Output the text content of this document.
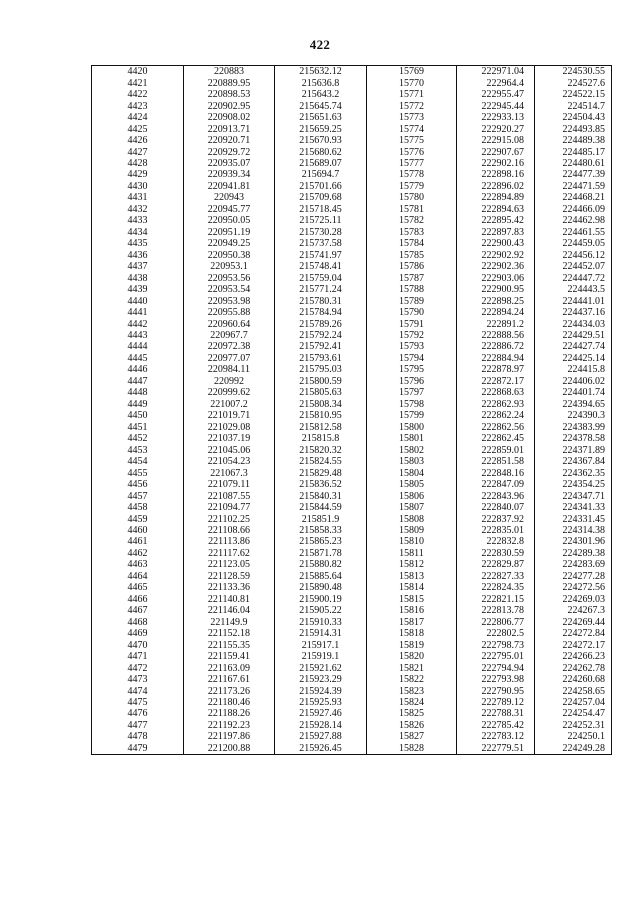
422
4420	220883	215632.12	15769	222971.04	224530.55
4421	220889.95	215636.8	15770	222964.4	224527.6
4422	220898.53	215643.2	15771	222955.47	224522.15
4423	220902.95	215645.74	15772	222945.44	224514.7
4424	220908.02	215651.63	15773	222933.13	224504.43
4425	220913.71	215659.25	15774	222920.27	224493.85
4426	220920.71	215670.93	15775	222915.08	224489.38
4427	220929.72	215680.62	15776	222907.67	224485.17
4428	220935.07	215689.07	15777	222902.16	224480.61
4429	220939.34	215694.7	15778	222898.16	224477.39
4430	220941.81	215701.66	15779	222896.02	224471.59
4431	220943	215709.68	15780	222894.89	224468.21
4432	220945.77	215718.45	15781	222894.63	224466.09
4433	220950.05	215725.11	15782	222895.42	224462.98
4434	220951.19	215730.28	15783	222897.83	224461.55
4435	220949.25	215737.58	15784	222900.43	224459.05
4436	220950.38	215741.97	15785	222902.92	224456.12
4437	220953.1	215748.41	15786	222902.36	224452.07
4438	220953.56	215759.04	15787	222903.06	224447.72
4439	220953.54	215771.24	15788	222900.95	224443.5
4440	220953.98	215780.31	15789	222898.25	224441.01
4441	220955.88	215784.94	15790	222894.24	224437.16
4442	220960.64	215789.26	15791	222891.2	224434.03
4443	220967.7	215792.24	15792	222888.56	224429.51
4444	220972.38	215792.41	15793	222886.72	224427.74
4445	220977.07	215793.61	15794	222884.94	224425.14
4446	220984.11	215795.03	15795	222878.97	224415.8
4447	220992	215800.59	15796	222872.17	224406.02
4448	220999.62	215805.63	15797	222868.63	224401.74
4449	221007.2	215808.34	15798	222862.93	224394.65
4450	221019.71	215810.95	15799	222862.24	224390.3
4451	221029.08	215812.58	15800	222862.56	224383.99
4452	221037.19	215815.8	15801	222862.45	224378.58
4453	221045.06	215820.32	15802	222859.01	224371.89
4454	221054.23	215824.55	15803	222851.58	224367.84
4455	221067.3	215829.48	15804	222848.16	224362.35
4456	221079.11	215836.52	15805	222847.09	224354.25
4457	221087.55	215840.31	15806	222843.96	224347.71
4458	221094.77	215844.59	15807	222840.07	224341.33
4459	221102.25	215851.9	15808	222837.92	224331.45
4460	221108.66	215858.33	15809	222835.01	224314.38
4461	221113.86	215865.23	15810	222832.8	224301.96
4462	221117.62	215871.78	15811	222830.59	224289.38
4463	221123.05	215880.82	15812	222829.87	224283.69
4464	221128.59	215885.64	15813	222827.33	224277.28
4465	221133.36	215890.48	15814	222824.35	224272.56
4466	221140.81	215900.19	15815	222821.15	224269.03
4467	221146.04	215905.22	15816	222813.78	224267.3
4468	221149.9	215910.33	15817	222806.77	224269.44
4469	221152.18	215914.31	15818	222802.5	224272.84
4470	221155.35	215917.1	15819	222798.73	224272.17
4471	221159.41	215919.1	15820	222795.01	224266.23
4472	221163.09	215921.62	15821	222794.94	224262.78
4473	221167.61	215923.29	15822	222793.98	224260.68
4474	221173.26	215924.39	15823	222790.95	224258.65
4475	221180.46	215925.93	15824	222789.12	224257.04
4476	221188.26	215927.46	15825	222788.31	224254.47
4477	221192.23	215928.14	15826	222785.42	224252.31
4478	221197.86	215927.88	15827	222783.12	224250.1
4479	221200.88	215926.45	15828	222779.51	224249.28
